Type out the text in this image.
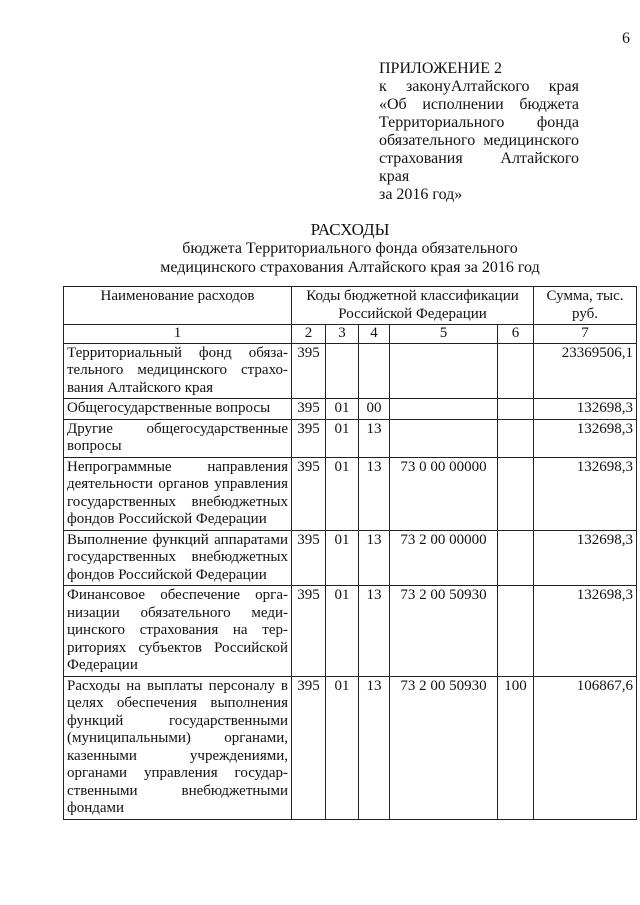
6
ПРИЛОЖЕНИЕ 2
к законуАлтайского края
«Об исполнении бюджета
Территориального фонда
обязательного медицинского
страхования Алтайского края
за 2016 год»
РАСХОДЫ
бюджета Территориального фонда обязательного
медицинского страхования Алтайского края за 2016 год
Наименование расходов	Коды бюджетной классификации Российской Федерации					Сумма, тыс. руб.
1	2	3	4	5	6	7
Территориальный фонд обязательного медицинского страхования Алтайского края	395					23369506,1
Общегосударственные вопросы	395	01	00			132698,3
Другие общегосударственные вопросы	395	01	13			132698,3
Непрограммные направления деятельности органов управления государственных внебюджетных фондов Российской Федерации	395	01	13	73 0 00 00000		132698,3
Выполнение функций аппаратами государственных внебюджетных фондов Российской Федерации	395	01	13	73 2 00 00000		132698,3
Финансовое обеспечение организации обязательного медицинского страхования на территориях субъектов Российской Федерации	395	01	13	73 2 00 50930		132698,3
Расходы на выплаты персоналу в целях обеспечения выполнения функций государственными (муниципальными) органами, казенными учреждениями, органами управления государственными внебюджетными фондами	395	01	13	73 2 00 50930	100	106867,6
